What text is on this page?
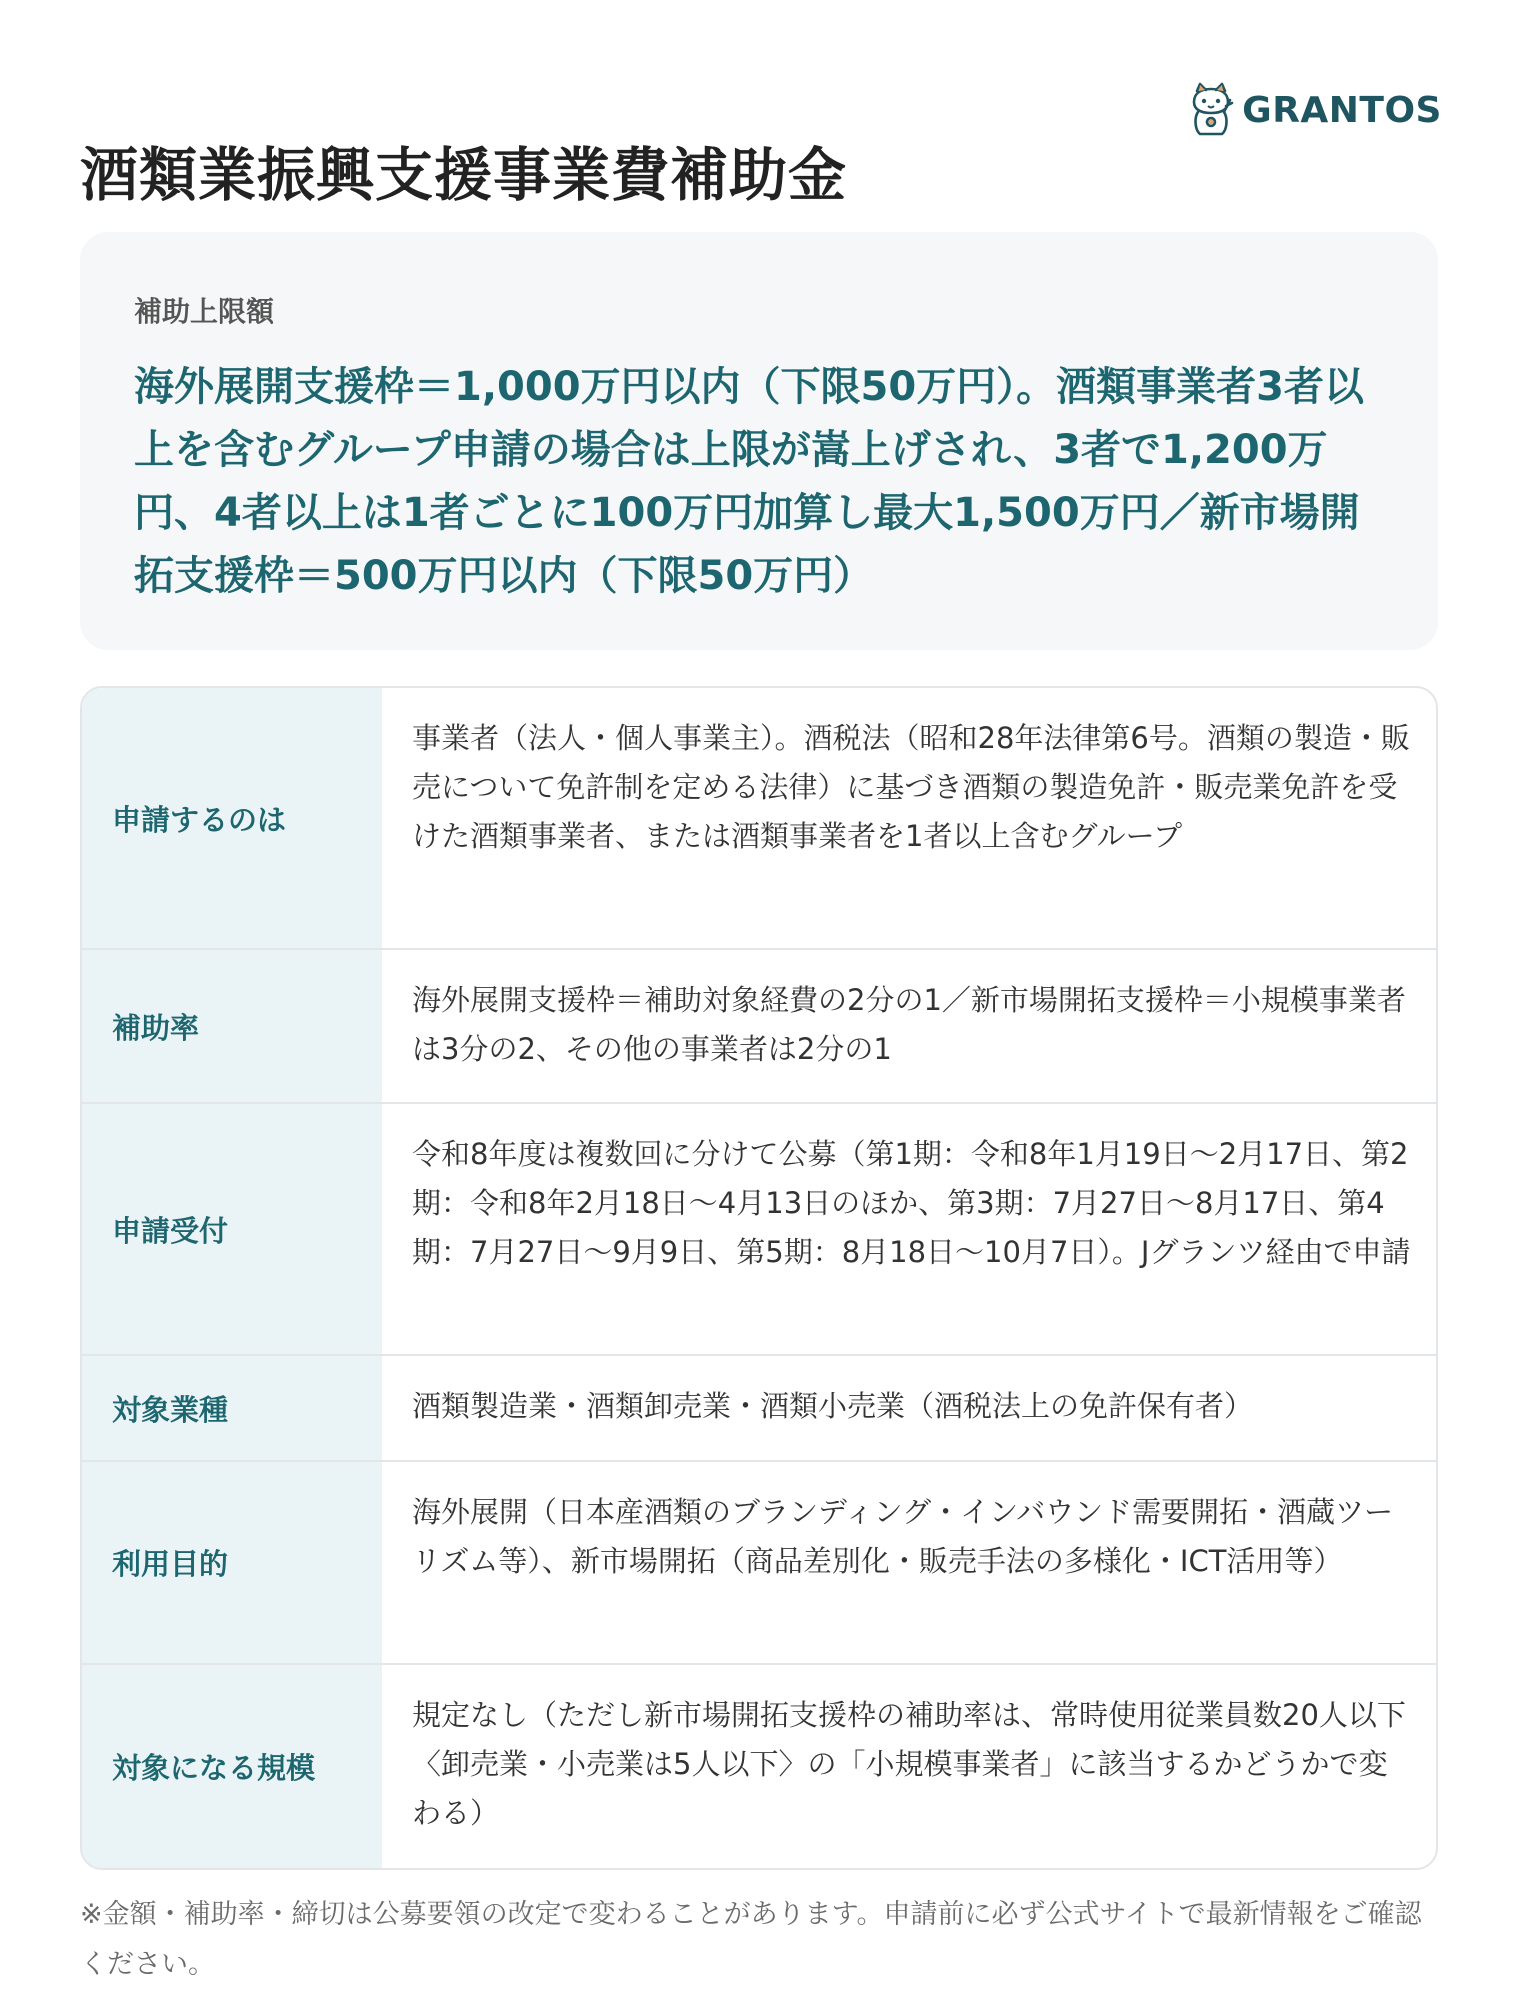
GRANTOS
酒類業振興支援事業費補助金

補助上限額

海外展開支援枠＝1,000万円以内（下限50万円）。酒類事業者3者以上を含むグループ申請の場合は上限が嵩上げされ、3者で1,200万円、4者以上は1者ごとに100万円加算し最大1,500万円／新市場開拓支援枠＝500万円以内（下限50万円）

申請するのは
事業者（法人・個人事業主）。酒税法（昭和28年法律第6号。酒類の製造・販売について免許制を定める法律）に基づき酒類の製造免許・販売業免許を受けた酒類事業者、または酒類事業者を1者以上含むグループ
補助率
海外展開支援枠＝補助対象経費の2分の1／新市場開拓支援枠＝小規模事業者は3分の2、その他の事業者は2分の1
申請受付
令和8年度は複数回に分けて公募（第1期：令和8年1月19日〜2月17日、第2期：令和8年2月18日〜4月13日のほか、第3期：7月27日〜8月17日、第4期：7月27日〜9月9日、第5期：8月18日〜10月7日）。Jグランツ経由で申請
対象業種	酒類製造業・酒類卸売業・酒類小売業（酒税法上の免許保有者）
利用目的
海外展開（日本産酒類のブランディング・インバウンド需要開拓・酒蔵ツーリズム等）、新市場開拓（商品差別化・販売手法の多様化・ICT活用等）
対象になる規模
規定なし（ただし新市場開拓支援枠の補助率は、常時使用従業員数20人以下〈卸売業・小売業は5人以下〉の「小規模事業者」に該当するかどうかで変わる）

※金額・補助率・締切は公募要領の改定で変わることがあります。申請前に必ず公式サイトで最新情報をご確認ください。
